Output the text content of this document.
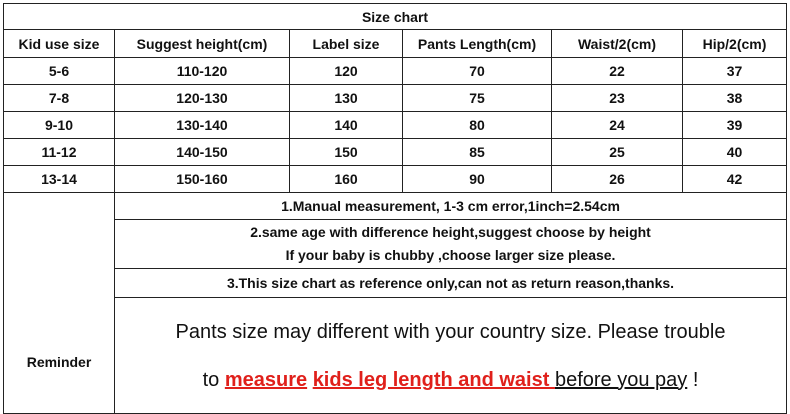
Size chart					
Kid use size	Suggest height(cm)	Label size	Pants Length(cm)	Waist/2(cm)	Hip/2(cm)
5-6	110-120	120	70	22	37
7-8	120-130	130	75	23	38
9-10	130-140	140	80	24	39
11-12	140-150	150	85	25	40
13-14	150-160	160	90	26	42
Reminder	1.Manual measurement, 1-3 cm error,1inch=2.54cm				

	2.same age with difference height,suggest choose by height
If your baby is chubby ,choose larger size please.				

	3.This size chart as reference only,can not as return reason,thanks.				

	Pants size may different with your country size. Please trouble
to measure kids leg length and waist before you pay !				
